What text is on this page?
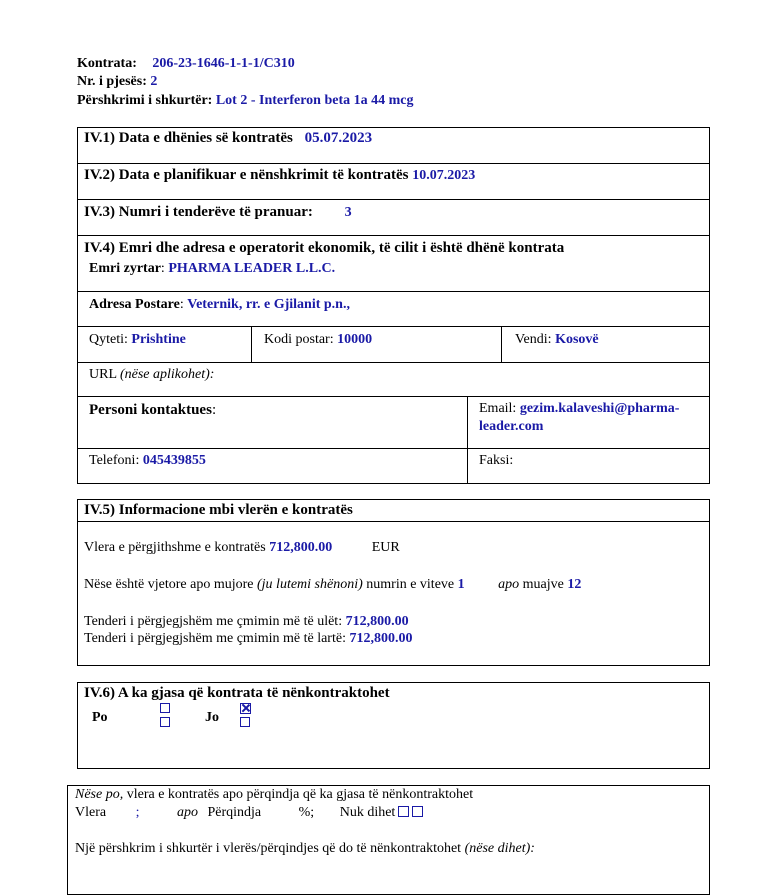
Kontrata: 206-23-1646-1-1-1/C310
Nr. i pjesës: 2
Përshkrimi i shkurtër: Lot 2 - Interferon beta 1a 44 mcg
IV.1) Data e dhënies së kontratës 05.07.2023
IV.2) Data e planifikuar e nënshkrimit të kontratës 10.07.2023
IV.3) Numri i tenderëve të pranuar: 3
IV.4) Emri dhe adresa e operatorit ekonomik, të cilit i është dhënë kontrata
Emri zyrtar: PHARMA LEADER L.L.C.
Adresa Postare: Veternik, rr. e Gjilanit p.n.,
Qyteti: Prishtine	Kodi postar: 10000	Vendi: Kosovë
URL (nëse aplikohet):
Personi kontaktues:	Email: gezim.kalaveshi@pharma-
leader.com
Telefoni: 045439855	Faksi:
IV.5) Informacione mbi vlerën e kontratës
Vlera e përgjithshme e kontratës 712,800.00	EUR
Nëse është vjetore apo mujore (ju lutemi shënoni) numrin e viteve 1 apo muajve 12
Tenderi i përgjegjshëm me çmimin më të ulët: 712,800.00
Tenderi i përgjegjshëm me çmimin më të lartë: 712,800.00
IV.6) A ka gjasa që kontrata të nënkontraktohet
Po	Jo
Nëse po, vlera e kontratës apo përqindja që ka gjasa të nënkontraktohet
Vlera ;	apo Përqindja	%; Nuk dihet
Një përshkrim i shkurtër i vlerës/përqindjes që do të nënkontraktohet (nëse dihet):
